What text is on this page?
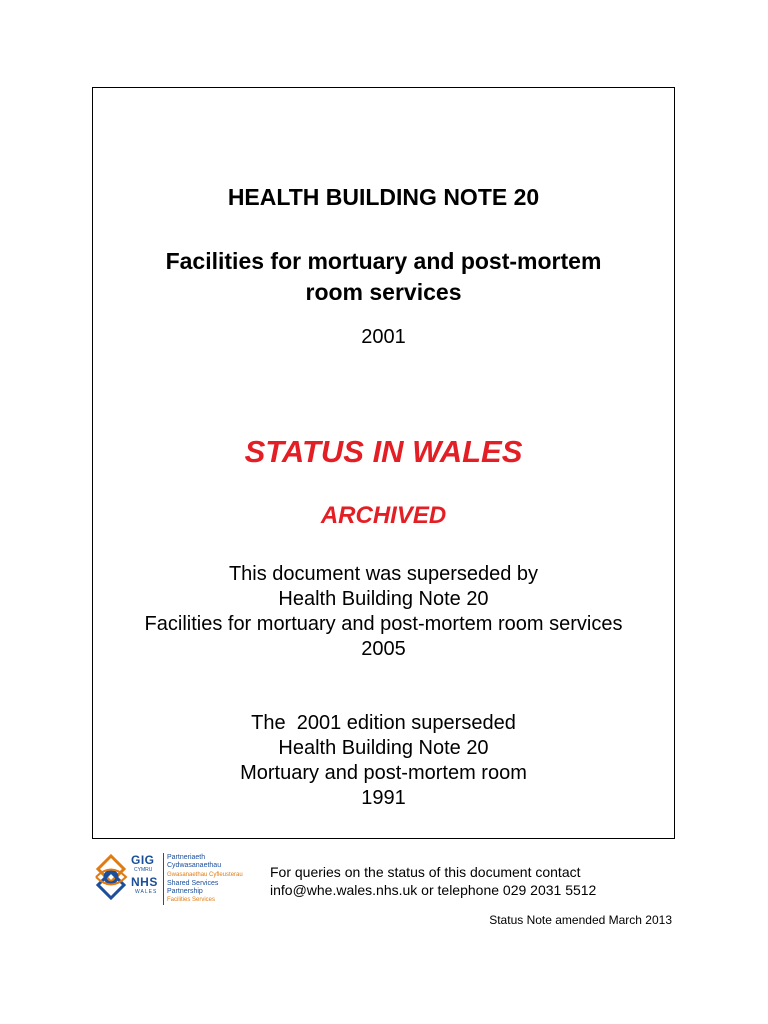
HEALTH BUILDING NOTE 20
Facilities for mortuary and post-mortem
room services
2001
STATUS IN WALES
ARCHIVED
This document was superseded by
Health Building Note 20
Facilities for mortuary and post-mortem room services
2005
The  2001 edition superseded
Health Building Note 20
Mortuary and post-mortem room
1991
GIG
CYMRU
NHS
WALES
Partneriaeth
Cydwasanaethau
Gwasanaethau Cyfleusterau
Shared Services
Partnership
Facilities Services
For queries on the status of this document contact
info@whe.wales.nhs.uk or telephone 029 2031 5512
Status Note amended March 2013
